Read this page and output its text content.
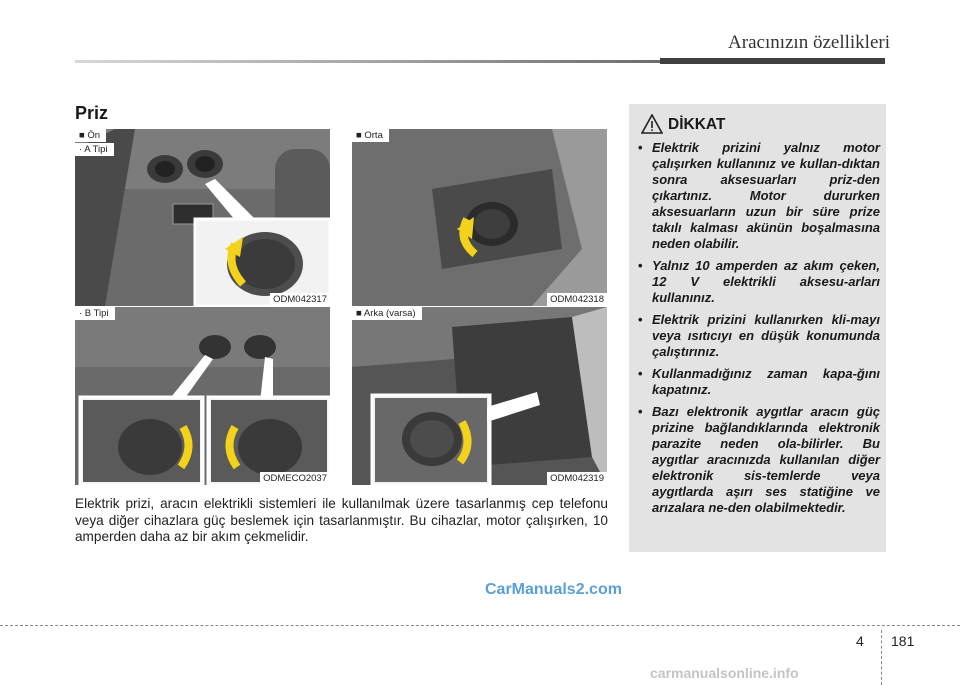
Aracınızın özellikleri
Priz
■ Ön
· A Tipi
ODM042317
■ Orta
ODM042318
· B Tipi
ODMECO2037
■ Arka (varsa)
ODM042319
Elektrik prizi, aracın elektrikli sistemleri ile kullanılmak üzere tasarlanmış cep telefonu veya diğer cihazlara güç beslemek için tasarlanmıştır. Bu cihazlar, motor çalışırken, 10 amperden daha az bir akım çekmelidir.
DİKKAT
• Elektrik prizini yalnız motor çalışırken kullanınız ve kullan-dıktan sonra aksesuarları priz-den çıkartınız. Motor dururken aksesuarların uzun bir süre prize takılı kalması akünün boşalmasına neden olabilir.
• Yalnız 10 amperden az akım çeken, 12 V elektrikli aksesu-arları kullanınız.
• Elektrik prizini kullanırken kli-mayı veya ısıtıcıyı en düşük konumunda çalıştırınız.
• Kullanmadığınız zaman kapa-ğını kapatınız.
• Bazı elektronik aygıtlar aracın güç prizine bağlandıklarında elektronik parazite neden ola-bilirler. Bu aygıtlar aracınızda kullanılan diğer elektronik sis-temlerde veya aygıtlarda aşırı ses statiğine ve arızalara ne-den olabilmektedir.
CarManuals2.com
4 181
carmanualsonline.info
